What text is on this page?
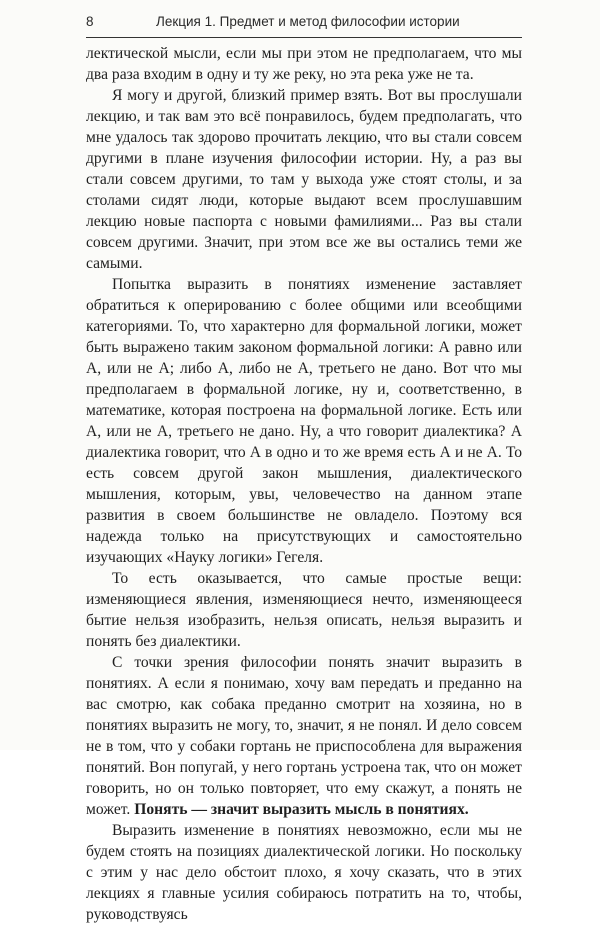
8	Лекция 1. Предмет и метод философии истории

лектической мысли, если мы при этом не предполагаем, что мы два раза входим в одну и ту же реку, но эта река уже не та.

Я могу и другой, близкий пример взять. Вот вы прослушали лекцию, и так вам это всё понравилось, будем предполагать, что мне удалось так здорово прочитать лекцию, что вы стали совсем другими в плане изучения философии истории. Ну, а раз вы стали совсем другими, то там у выхода уже стоят столы, и за столами сидят люди, которые выдают всем прослушавшим лекцию новые паспорта с новыми фамилиями... Раз вы стали совсем другими. Значит, при этом все же вы остались теми же самыми.

Попытка выразить в понятиях изменение заставляет обратиться к оперированию с более общими или всеобщими категориями. То, что характерно для формальной логики, может быть выражено таким законом формальной логики: А равно или А, или не А; либо А, либо не А, третьего не дано. Вот что мы предполагаем в формальной логике, ну и, соответственно, в математике, которая построена на формальной логике. Есть или А, или не А, третьего не дано. Ну, а что говорит диалектика? А диалектика говорит, что А в одно и то же время есть А и не А. То есть совсем другой закон мышления, диалектического мышления, которым, увы, человечество на данном этапе развития в своем большинстве не овладело. Поэтому вся надежда только на присутствующих и самостоятельно изучающих «Науку логики» Гегеля.

То есть оказывается, что самые простые вещи: изменяющиеся явления, изменяющиеся нечто, изменяющееся бытие нельзя изобразить, нельзя описать, нельзя выразить и понять без диалектики.

С точки зрения философии понять значит выразить в понятиях. А если я понимаю, хочу вам передать и преданно на вас смотрю, как собака преданно смотрит на хозяина, но в понятиях выразить не могу, то, значит, я не понял. И дело совсем не в том, что у собаки гортань не приспособлена для выражения понятий. Вон попугай, у него гортань устроена так, что он может говорить, но он только повторяет, что ему скажут, а понять не может. Понять — значит выразить мысль в понятиях.

Выразить изменение в понятиях невозможно, если мы не будем стоять на позициях диалектической логики. Но поскольку с этим у нас дело обстоит плохо, я хочу сказать, что в этих лекциях я главные усилия собираюсь потратить на то, чтобы, руководствуясь
